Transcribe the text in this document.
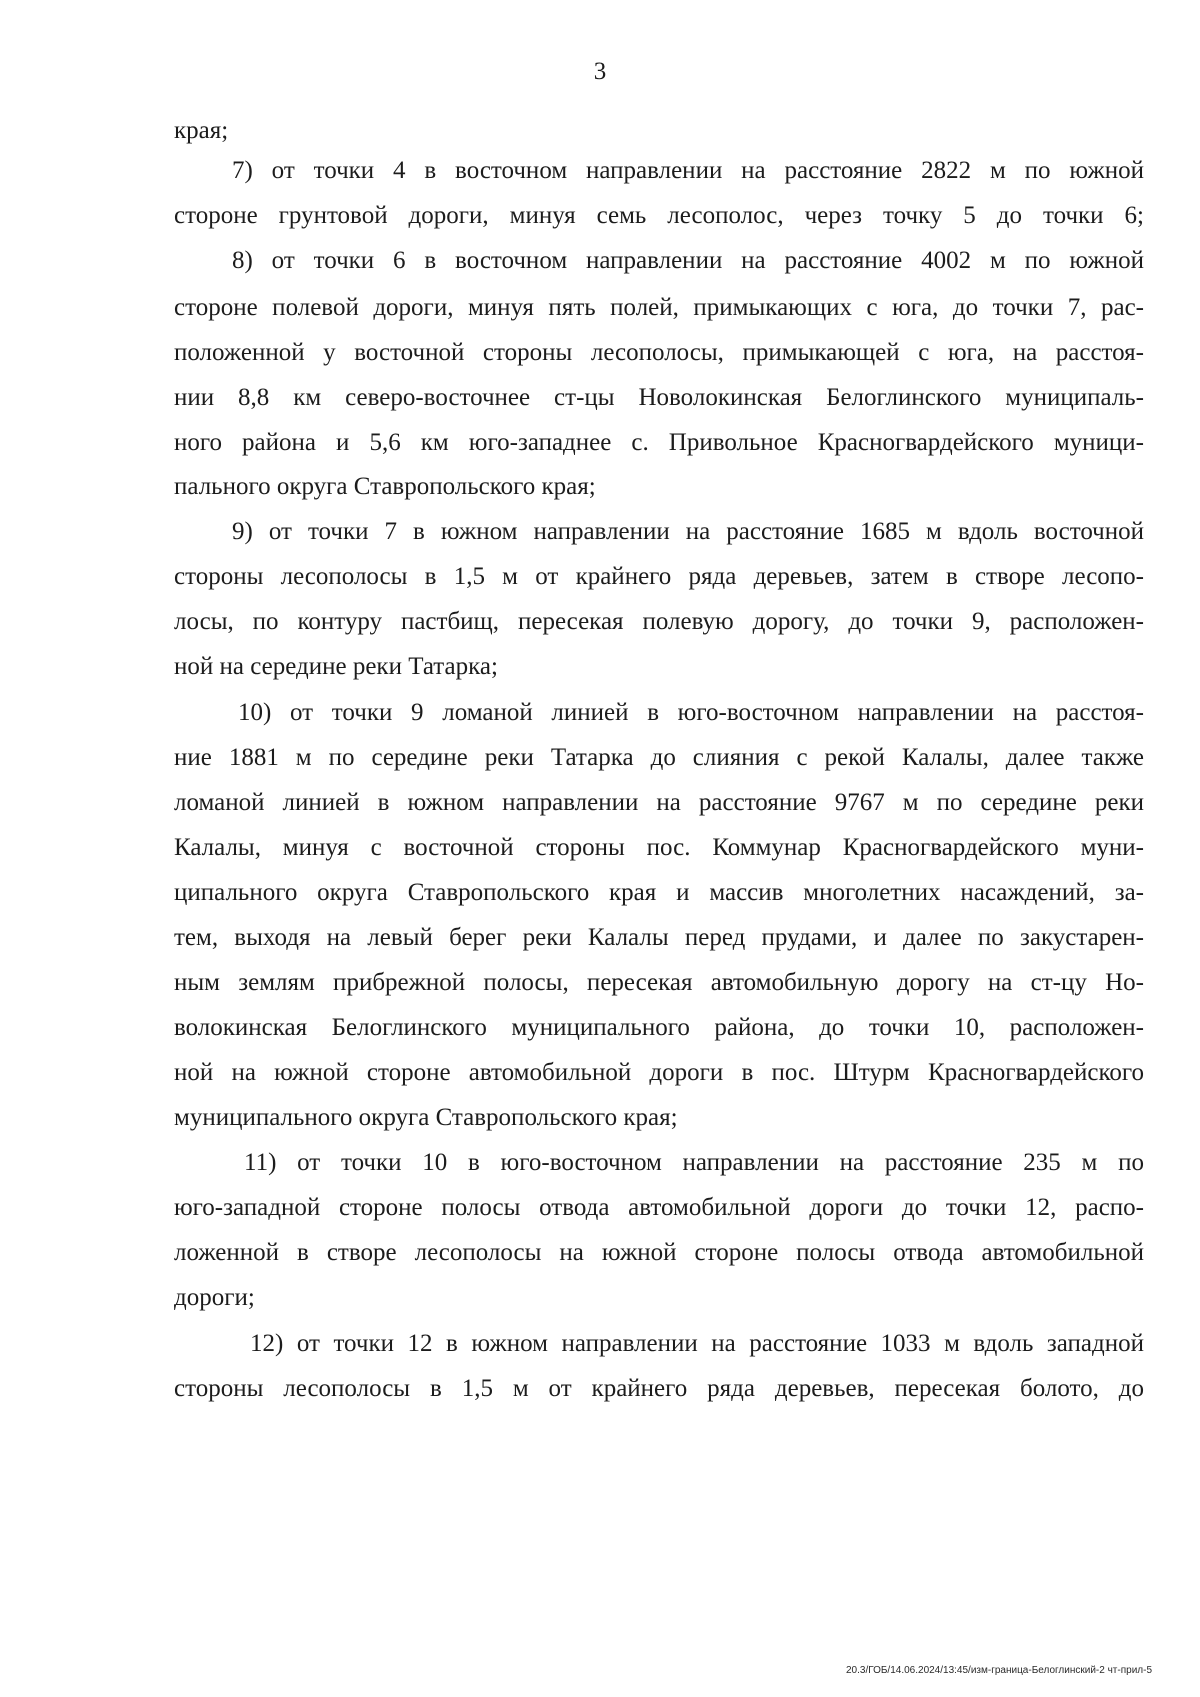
3
края;
7) от точки 4 в восточном направлении на расстояние 2822 м по южной
стороне грунтовой дороги, минуя семь лесополос, через точку 5 до точки 6;
8) от точки 6 в восточном направлении на расстояние 4002 м по южной
стороне полевой дороги, минуя пять полей, примыкающих с юга, до точки 7, рас-
положенной у восточной стороны лесополосы, примыкающей с юга, на расстоя-
нии 8,8 км северо-восточнее ст-цы Новолокинская Белоглинского муниципаль-
ного района и 5,6 км юго-западнее с. Привольное Красногвардейского муници-
пального округа Ставропольского края;
9) от точки 7 в южном направлении на расстояние 1685 м вдоль восточной
стороны лесополосы в 1,5 м от крайнего ряда деревьев, затем в створе лесопо-
лосы, по контуру пастбищ, пересекая полевую дорогу, до точки 9, расположен-
ной на середине реки Татарка;
10) от точки 9 ломаной линией в юго-восточном направлении на расстоя-
ние 1881 м по середине реки Татарка до слияния с рекой Калалы, далее также
ломаной линией в южном направлении на расстояние 9767 м по середине реки
Калалы, минуя с восточной стороны пос. Коммунар Красногвардейского муни-
ципального округа Ставропольского края и массив многолетних насаждений, за-
тем, выходя на левый берег реки Калалы перед прудами, и далее по закустарен-
ным землям прибрежной полосы, пересекая автомобильную дорогу на ст-цу Но-
волокинская Белоглинского муниципального района, до точки 10, расположен-
ной на южной стороне автомобильной дороги в пос. Штурм Красногвардейского
муниципального округа Ставропольского края;
11) от точки 10 в юго-восточном направлении на расстояние 235 м по
юго-западной стороне полосы отвода автомобильной дороги до точки 12, распо-
ложенной в створе лесополосы на южной стороне полосы отвода автомобильной
дороги;
12) от точки 12 в южном направлении на расстояние 1033 м вдоль западной
стороны лесополосы в 1,5 м от крайнего ряда деревьев, пересекая болото, до
20.3/ГОБ/14.06.2024/13:45/изм-граница-Белоглинский-2 чт-прил-5
